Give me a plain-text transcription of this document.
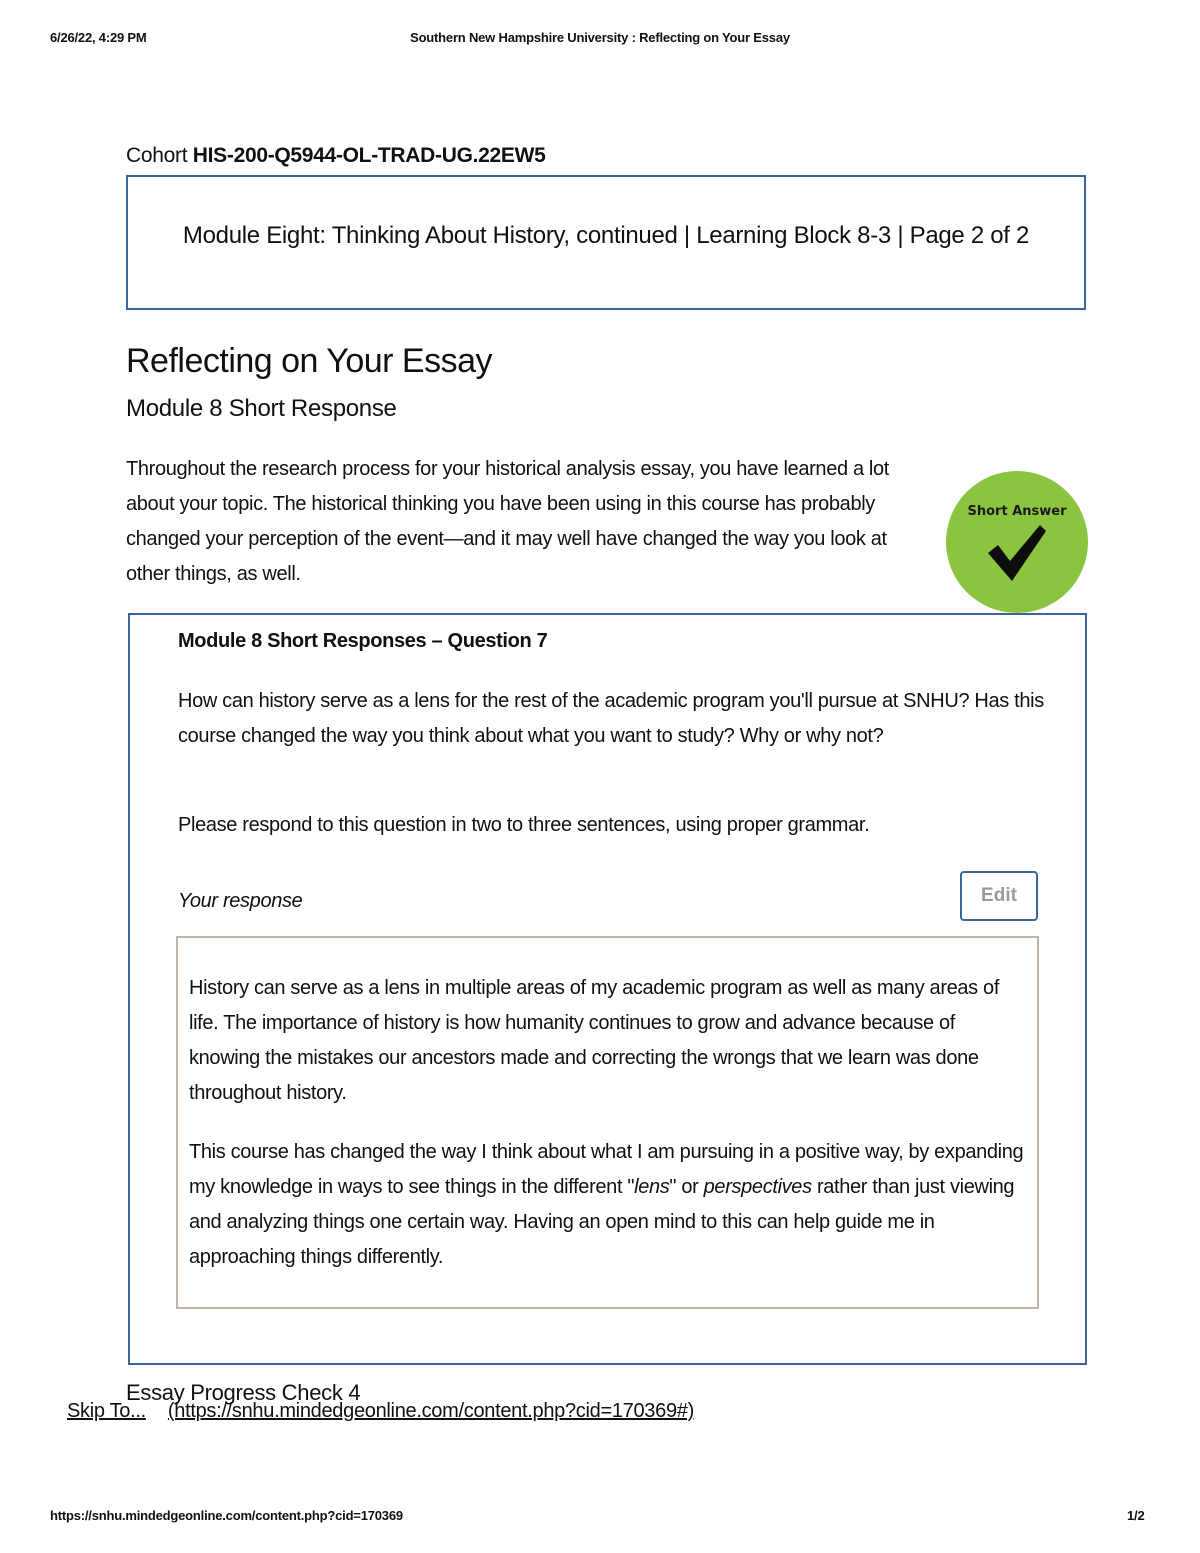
6/26/22, 4:29 PM	Southern New Hampshire University : Reflecting on Your Essay
Cohort HIS-200-Q5944-OL-TRAD-UG.22EW5
Module Eight: Thinking About History, continued | Learning Block 8-3 | Page 2 of 2
Reflecting on Your Essay
Module 8 Short Response

Throughout the research process for your historical analysis essay, you have learned a lot about your topic. The historical thinking you have been using in this course has probably changed your perception of the event—and it may well have changed the way you look at other things, as well.

Short Answer
Module 8 Short Responses – Question 7

How can history serve as a lens for the rest of the academic program you'll pursue at SNHU? Has this course changed the way you think about what you want to study? Why or why not?

Please respond to this question in two to three sentences, using proper grammar.

Your response	Edit

History can serve as a lens in multiple areas of my academic program as well as many areas of life. The importance of history is how humanity continues to grow and advance because of knowing the mistakes our ancestors made and correcting the wrongs that we learn was done throughout history.

This course has changed the way I think about what I am pursuing in a positive way, by expanding my knowledge in ways to see things in the different "lens" or perspectives rather than just viewing and analyzing things one certain way. Having an open mind to this can help guide me in approaching things differently.

Essay Progress Check 4
Skip To... (https://snhu.mindedgeonline.com/content.php?cid=170369#)
https://snhu.mindedgeonline.com/content.php?cid=170369	1/2
